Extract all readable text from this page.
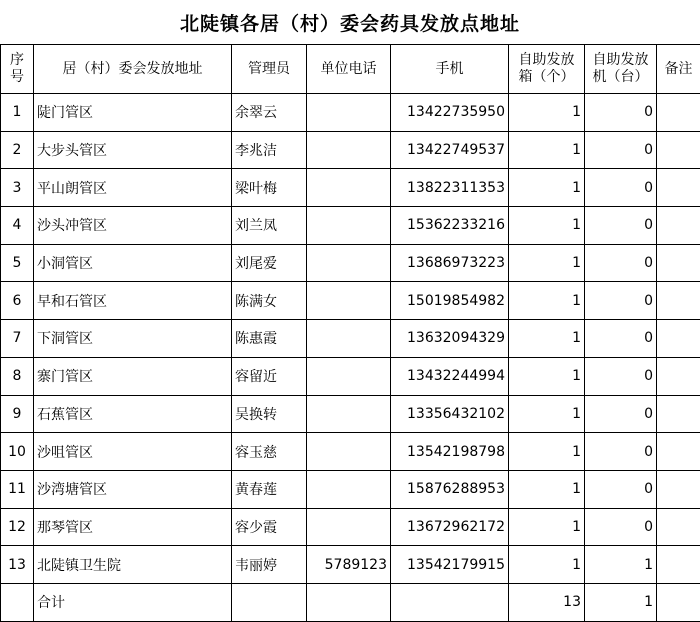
北陡镇各居（村）委会药具发放点地址
序号	居（村）委会发放地址	管理员	单位电话	手机	自助发放箱（个）	自助发放机（台）	备注
1	陡门管区	余翠云		13422735950	1	0	
2	大步头管区	李兆洁		13422749537	1	0	
3	平山朗管区	梁叶梅		13822311353	1	0	
4	沙头冲管区	刘兰凤		15362233216	1	0	
5	小洞管区	刘尾爱		13686973223	1	0	
6	早和石管区	陈满女		15019854982	1	0	
7	下洞管区	陈惠霞		13632094329	1	0	
8	寨门管区	容留近		13432244994	1	0	
9	石蕉管区	吴换转		13356432102	1	0	
10	沙咀管区	容玉慈		13542198798	1	0	
11	沙湾塘管区	黄春莲		15876288953	1	0	
12	那琴管区	容少霞		13672962172	1	0	
13	北陡镇卫生院	韦丽婷	5789123	13542179915	1	1	
	合计				13	1	
